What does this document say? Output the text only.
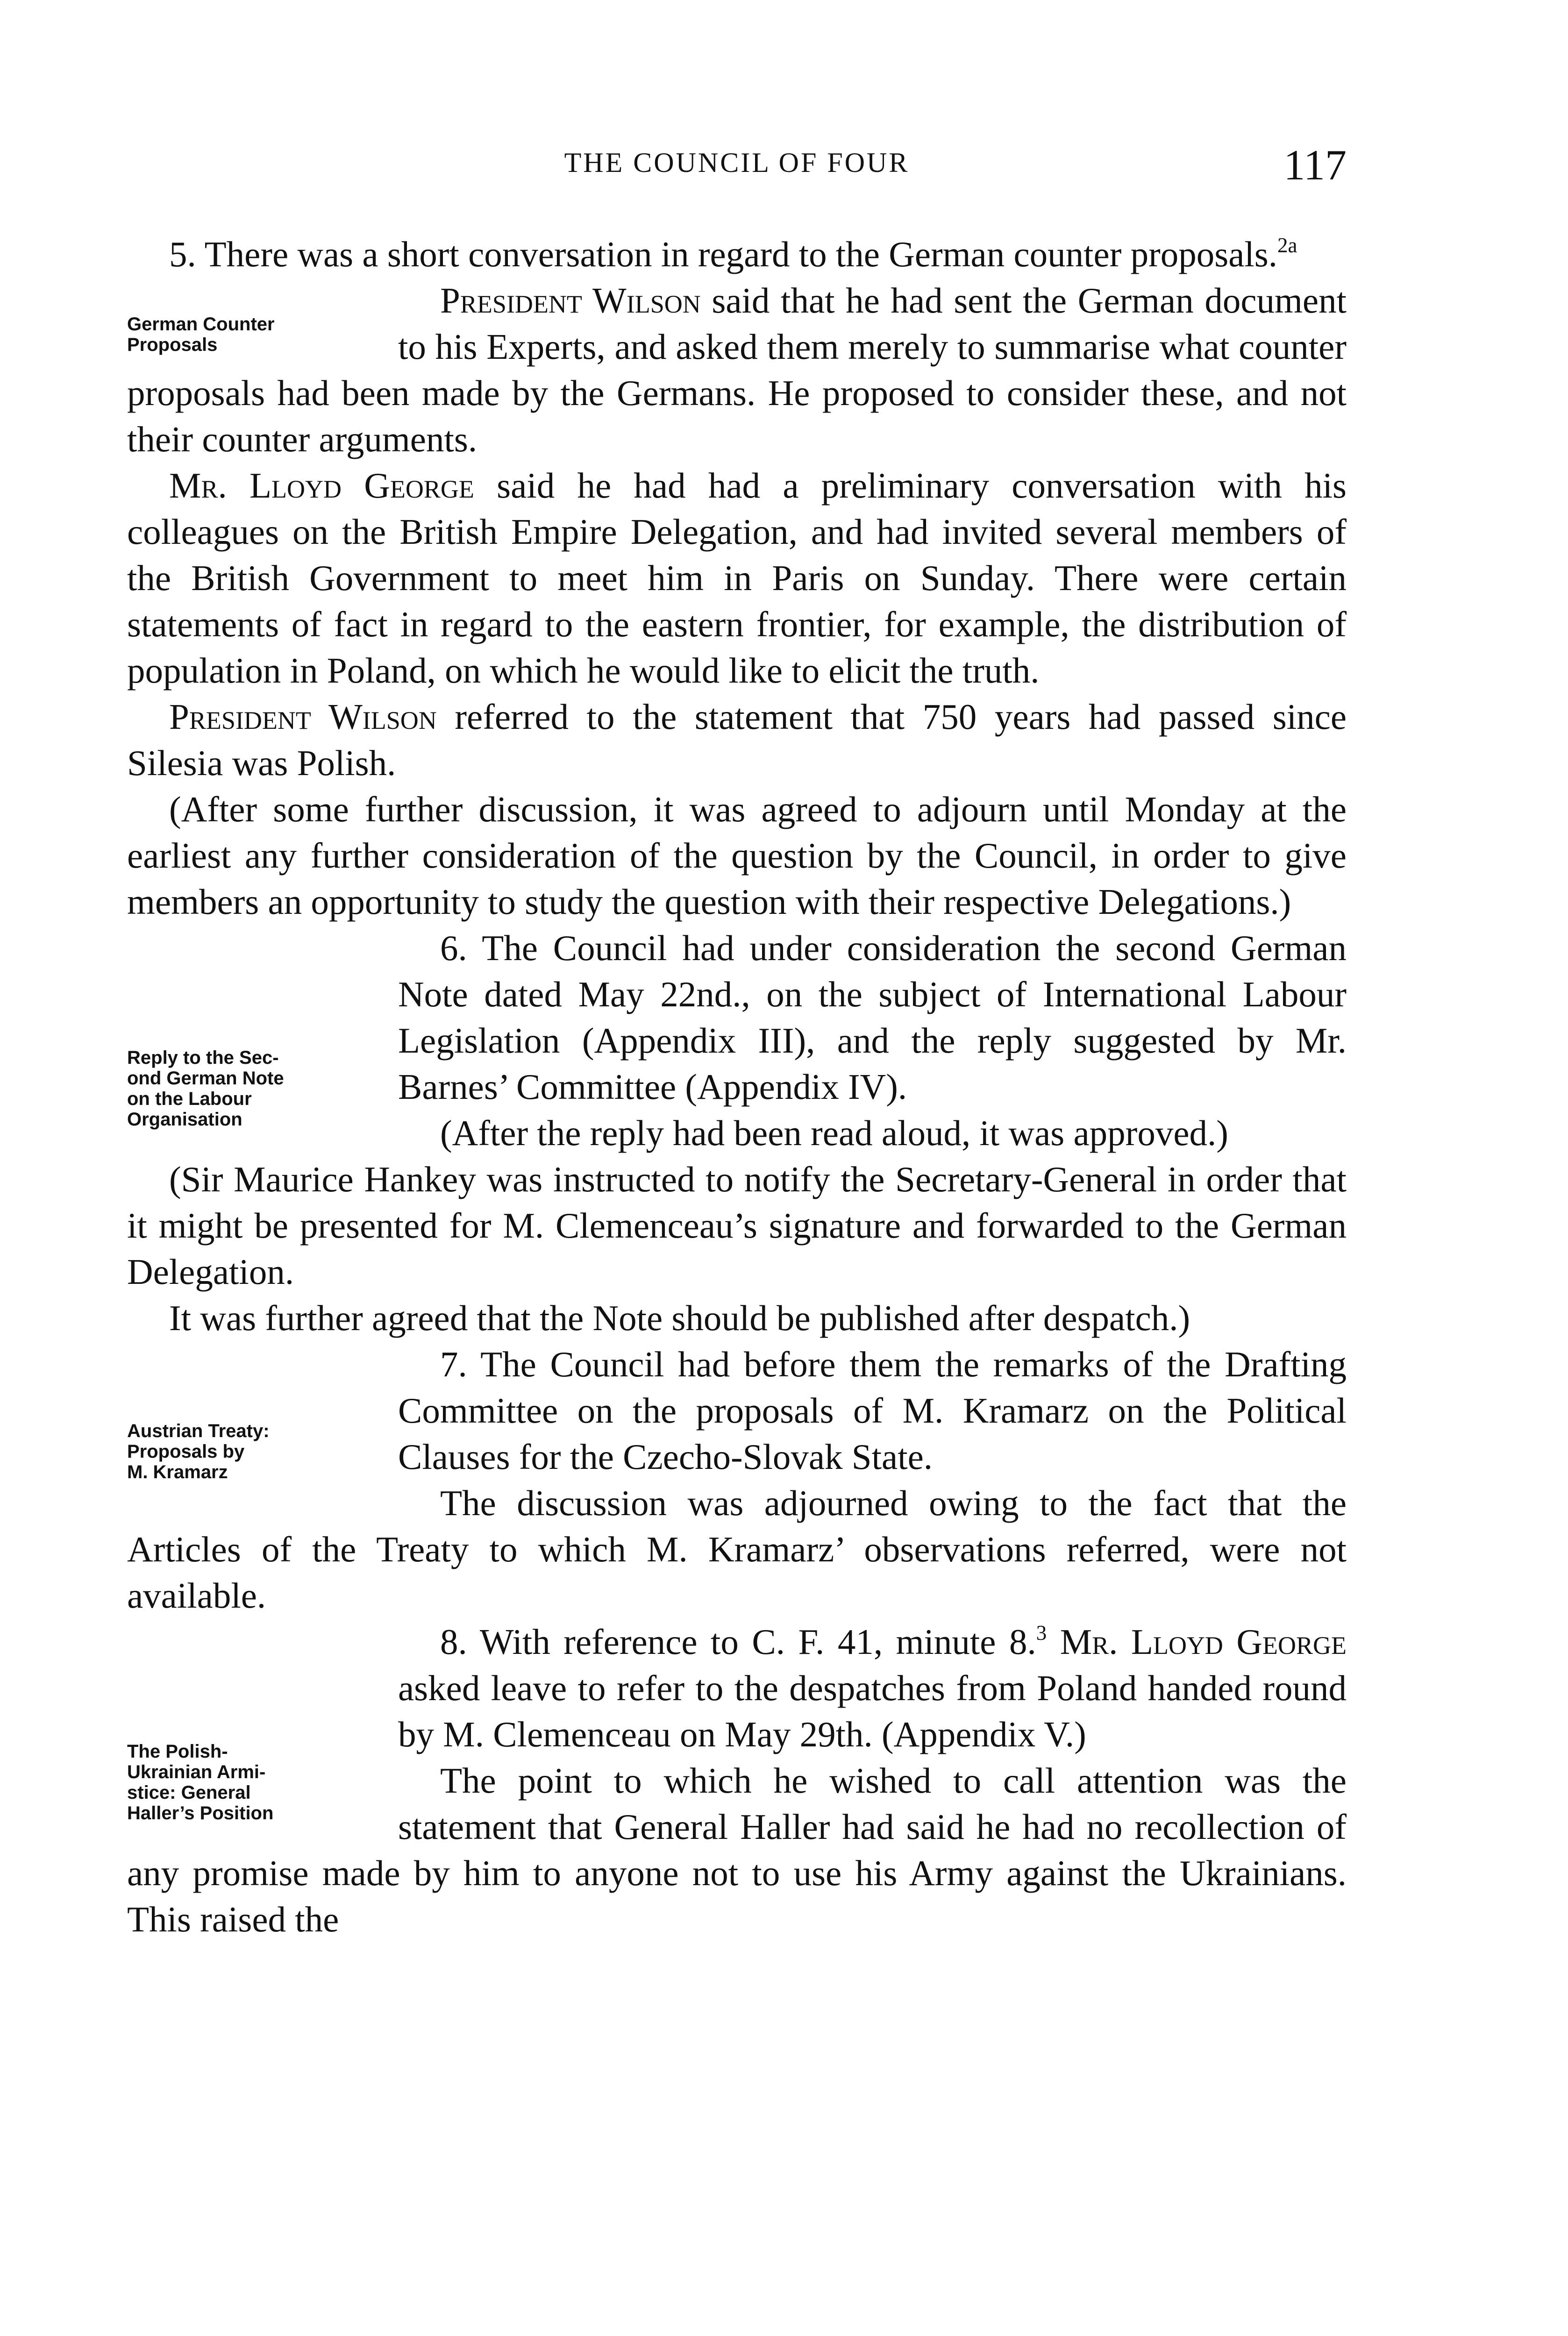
THE COUNCIL OF FOUR	117

5. There was a short conversation in regard to the German counter proposals.$^{2a}$

German Counter
Proposals

President Wilson said that he had sent the German document to his Experts, and asked them merely to summarise what counter proposals had been made by the Germans. He proposed to consider these, and not their counter arguments.

Mr. Lloyd George said he had had a preliminary conversation with his colleagues on the British Empire Delegation, and had invited several members of the British Government to meet him in Paris on Sunday. There were certain statements of fact in regard to the eastern frontier, for example, the distribution of population in Poland, on which he would like to elicit the truth.

President Wilson referred to the statement that 750 years had passed since Silesia was Polish.

(After some further discussion, it was agreed to adjourn until Monday at the earliest any further consideration of the question by the Council, in order to give members an opportunity to study the question with their respective Delegations.)

Reply to the Sec-
ond German Note
on the Labour
Organisation

6. The Council had under consideration the second German Note dated May 22nd., on the subject of International Labour Legislation (Appendix III), and the reply suggested by Mr. Barnes’ Committee (Appendix IV).

(After the reply had been read aloud, it was approved.)

(Sir Maurice Hankey was instructed to notify the Secretary-General in order that it might be presented for M. Clemenceau’s signature and forwarded to the German Delegation.

It was further agreed that the Note should be published after despatch.)

Austrian Treaty:
Proposals by
M. Kramarz

7. The Council had before them the remarks of the Drafting Committee on the proposals of M. Kramarz on the Political Clauses for the Czecho-Slovak State.

The discussion was adjourned owing to the fact that the Articles of the Treaty to which M. Kramarz’ observations referred, were not available.

The Polish-
Ukrainian Armi-
stice: General
Haller’s Position

8. With reference to C. F. 41, minute 8.$^3$ Mr. Lloyd George asked leave to refer to the despatches from Poland handed round by M. Clemenceau on May 29th. (Appendix V.)

The point to which he wished to call attention was the statement that General Haller had said he had no recollection of any promise made by him to anyone not to use his Army against the Ukrainians. This raised the
